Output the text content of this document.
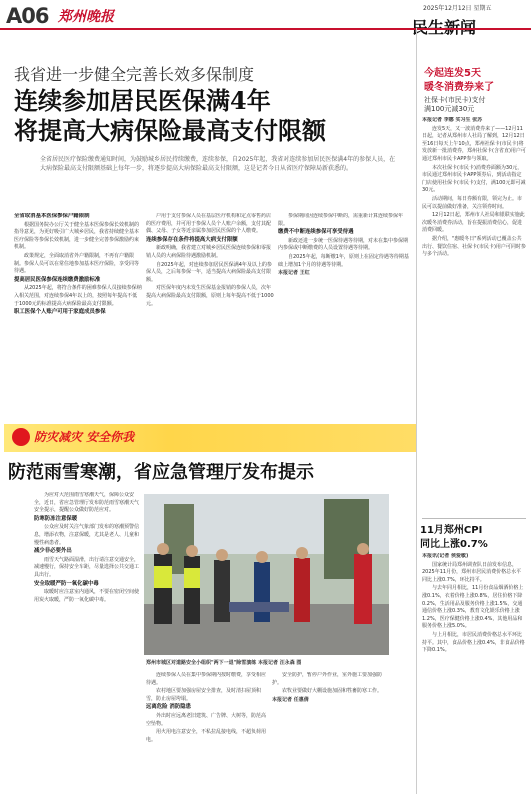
A06 郑州晚报
2025年12月12日 星期五
我省进一步健全完善长效多保制度
连续参加居民医保满4年
将提高大病保险最高支付限额
全省居民医疗保险缴费通知时间，为鼓励城乡居民持续缴费，连续参保，自2025年起，我省对连续参加居民医保满4年的参保人员，在大病保险最高支付限额基础上每年一步，将逐步提高大病保险最高支付限额，这是记者今日从省医疗保障局新获悉的。

全省取消基本医保参保户籍限制

根据国务院办公厅关于健全基本医保参保长效机制的指导意见，为更好吸引广大城乡居民，我省持续健全基本医疗保险等参保长效机制，进一步健全完善参保激励约束机制。

政策规定，全面取消省外户籍限制，不再有户籍限制。参保人员可以在常住地参加基本医疗保险，享受同等待遇。

提高居民医保参保连续缴费激励标准

从2025年起，将符合条件的困难参保人员接续参保纳入相关范围，对连续参保4年以上的，按照每年提高不低于1000元的标准提高大病保险最高支付限额。

职工医保个人账户可用于家庭成员参保

户用于支付参保人员在基层医疗机构和定点零售药店的医疗费用，并可用于参保人员个人账户余额，支付其配偶、父母、子女等近亲属参加居民医保的个人缴费。

连续参保存在条件将提高大病支付限额

新政明确，我省建立对城乡居民医保连续参保和零报销人员的大病保险待遇激励机制。

自2025年起，对连续参加居民医保满4年及以上的参保人员，之后每参保一年，适当提高大病保险最高支付限额。

对医保年度内未发生医保基金报销的参保人员，次年提高大病保险最高支付限额，原则上每年提高不低于1000元。

参保期间因连续参保中断的，需重新计算连续参保年限。

缴费不中断连续参保可享受待遇

新政还进一步统一医保待遇等待期，对未在集中参保期内参保或中断缴费的人员设置待遇等待期。

自2025年起，每断缴1年，原则上在固定待遇等待期基础上增加1个月的待遇等待期。

本报记者 王红

防灾减灾 安全你我
防范雨雪寒潮，省应急管理厅发布提示

为应对大范围雨雪寒潮天气，保障公众安全，近日，省应急管理厅发布防范雨雪寒潮天气安全提示，提醒公众做好防范应对。

防寒防冻注意保暖

公众应及时关注气象部门发布的寒潮预警信息，增添衣物，注意保暖，尤其是老人、儿童和慢性病患者。

减少非必要外出

雨雪天气路面湿滑，出行请注意交通安全，减速慢行，保持安全车距，尽量选择公共交通工具出行。

安全取暖严防一氧化碳中毒

取暖时应注意室内通风，不要在密闭空间使用炭火取暖，严防一氧化碳中毒。

郑州市城区对道路安全小组织"两下一退"除雪演练 本报记者 汪永森 图

连续参保人员在集中参保期内按时缴费，享受相应待遇。

农村地区要加强房屋安全排查，及时清扫屋顶积雪，防止房屋垮塌。

远离危险 消防隐患

外出时应远离老旧建筑、广告牌、大树等，防范高空坠物。

用火用电注意安全，不私拉乱接电线，不超负荷用电。

安全防护，暂停户外作业，室外施工要加强防护。

农牧业要做好大棚设施加固和牲畜防寒工作。

本报记者 任惠倩

今起连发5天
暖冬消费券来了
社保卡(市民卡)支付
满100元减30元

本报记者 李娜 实习生 张苏

连发5天，又一波消费券来了——12月11日起，记者从郑州市人社局了解到，12月12日至16日每天上午10点，郑州社保卡(市民卡)将发放新一批消费券，郑州社保卡(含省直)用户可通过郑州市民卡APP参与领取。

本次社保卡(市民卡)消费券面额为30元，市民通过郑州市民卡APP领券后，到活动指定门店使用社保卡(市民卡)支付，满100元即可减30元。

活动期间，每日券额有限，领完为止。市民可以提前做好准备，关注领券时间。

12月12日起，郑州市人社局和银联实施此次暖冬消费券活动，旨在提振消费信心，促进消费回暖。

据介绍，"惠暖冬日"系列活动已覆盖公共出行、餐饮住宿、社保卡(市民卡)用户可同时参与多个活动。

11月郑州CPI
同比上涨0.7%

本报讯(记者 侯爱敏)

国家统计局郑州调查队日前发布信息，2025年11月份，郑州市居民消费价格总水平同比上涨0.7%，环比持平。

与去年同月相比，11月份食品烟酒价格上涨0.1%，衣着价格上涨0.8%，居住价格下降0.2%，生活用品及服务价格上涨1.5%，交通通信价格上涨0.3%，教育文化娱乐价格上涨1.2%，医疗保健价格上涨0.4%，其他用品和服务价格上涨5.0%。

与上月相比，市居民消费价格总水平环比持平。其中，食品价格上涨0.4%，非食品价格下降0.1%。
